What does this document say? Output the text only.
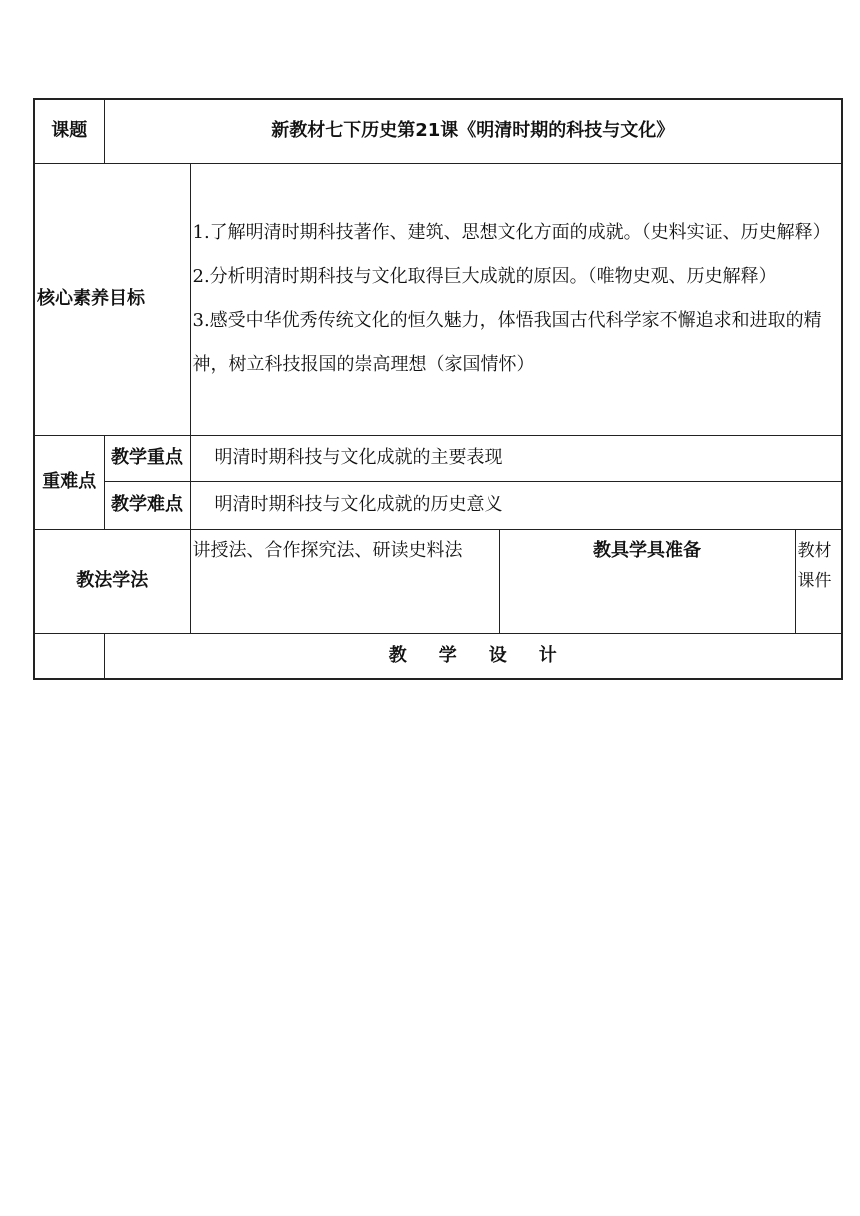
课题	新教材七下历史第21课《明清时期的科技与文化》			
核心素养目标		1.了解明清时期科技著作、建筑、思想文化方面的成就。（史料实证、历史解释）
2.分析明清时期科技与文化取得巨大成就的原因。（唯物史观、历史解释）
3.感受中华优秀传统文化的恒久魅力，体悟我国古代科学家不懈追求和进取的精神，树立科技报国的崇高理想（家国情怀）		

重难点	教学重点	明清时期科技与文化成就的主要表现		
	教学难点	明清时期科技与文化成就的历史意义		
教法学法		讲授法、合作探究法、研读史料法	教具学具准备	教材课件
	教学设计			
